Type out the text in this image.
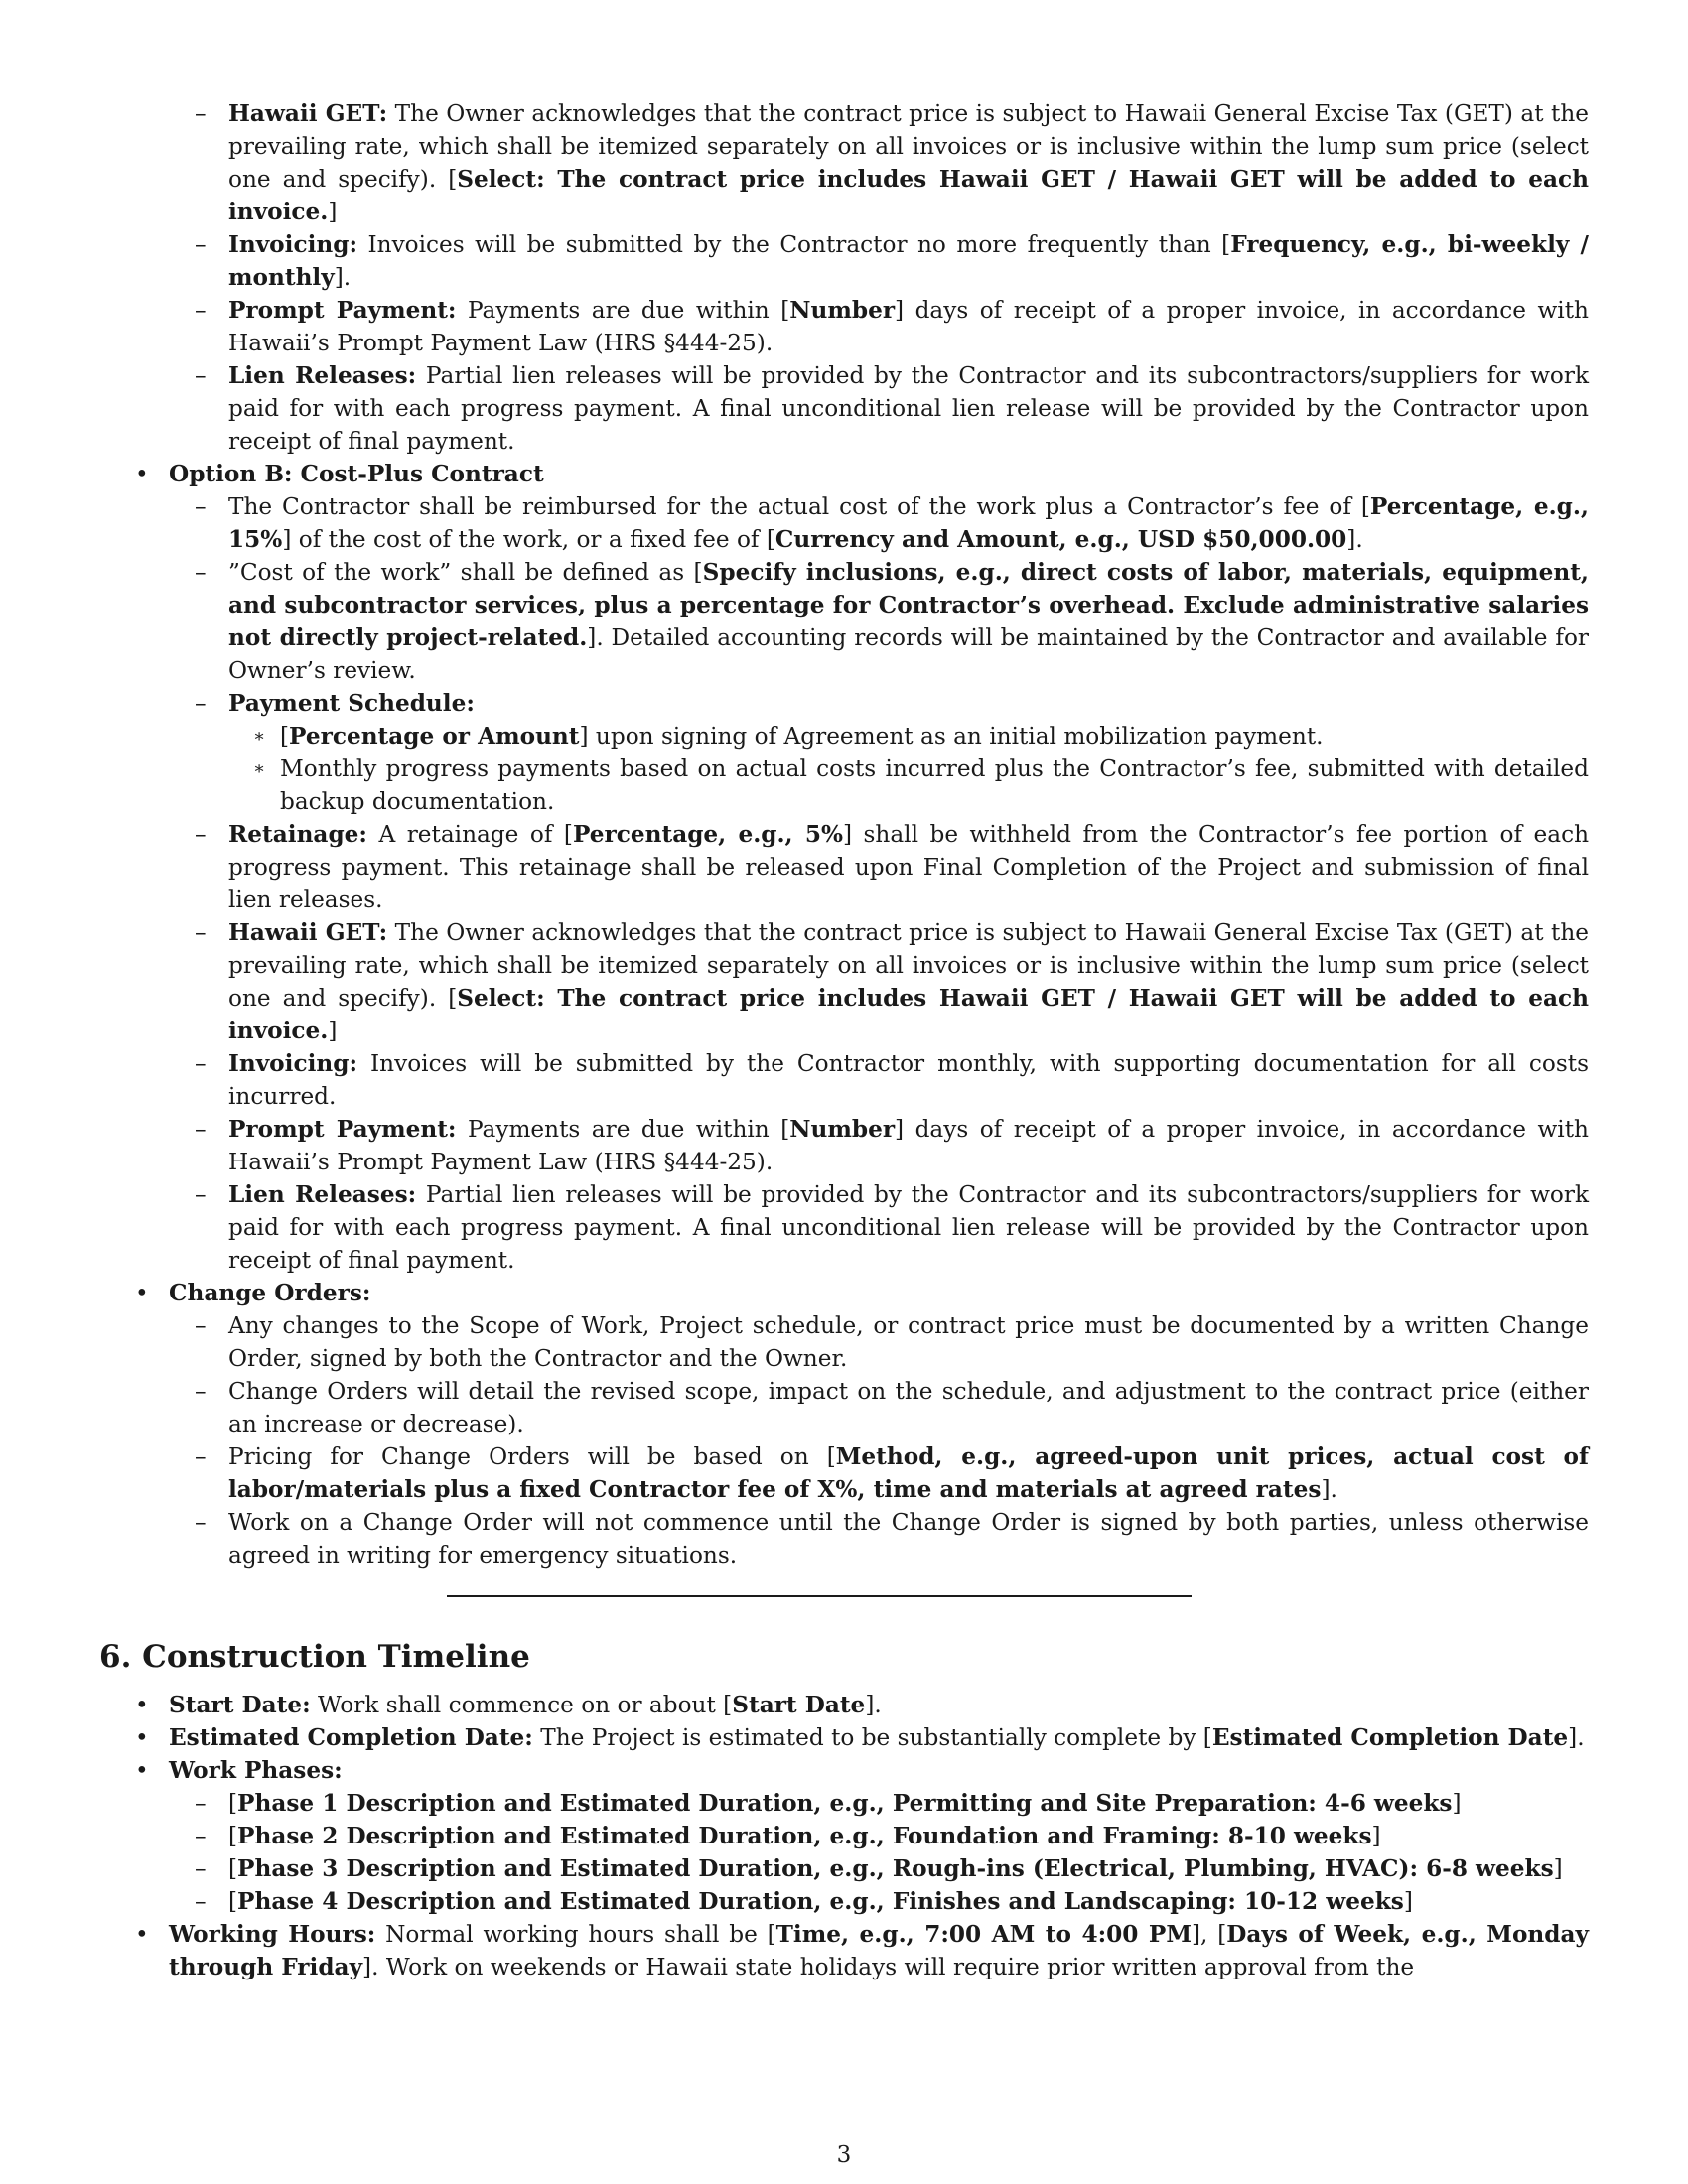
– Hawaii GET: The Owner acknowledges that the contract price is subject to Hawaii General Excise Tax (GET) at the prevailing rate, which shall be itemized separately on all invoices or is inclusive within the lump sum price (select one and specify). [Select: The contract price includes Hawaii GET / Hawaii GET will be added to each invoice.]
– Invoicing: Invoices will be submitted by the Contractor no more frequently than [Frequency, e.g., bi-weekly / monthly].
– Prompt Payment: Payments are due within [Number] days of receipt of a proper invoice, in accordance with Hawaii’s Prompt Payment Law (HRS §444-25).
– Lien Releases: Partial lien releases will be provided by the Contractor and its subcontractors/suppliers for work paid for with each progress payment. A final unconditional lien release will be provided by the Contractor upon receipt of final payment.
• Option B: Cost-Plus Contract
– The Contractor shall be reimbursed for the actual cost of the work plus a Contractor’s fee of [Percentage, e.g., 15%] of the cost of the work, or a fixed fee of [Currency and Amount, e.g., USD $50,000.00].
– ”Cost of the work” shall be defined as [Specify inclusions, e.g., direct costs of labor, materials, equipment, and subcontractor services, plus a percentage for Contractor’s overhead. Exclude administrative salaries not directly project-related.]. Detailed accounting records will be maintained by the Contractor and available for Owner’s review.
– Payment Schedule:
∗ [Percentage or Amount] upon signing of Agreement as an initial mobilization payment.
∗ Monthly progress payments based on actual costs incurred plus the Contractor’s fee, submitted with detailed backup documentation.
– Retainage: A retainage of [Percentage, e.g., 5%] shall be withheld from the Contractor’s fee portion of each progress payment. This retainage shall be released upon Final Completion of the Project and submission of final lien releases.
– Hawaii GET: The Owner acknowledges that the contract price is subject to Hawaii General Excise Tax (GET) at the prevailing rate, which shall be itemized separately on all invoices or is inclusive within the lump sum price (select one and specify). [Select: The contract price includes Hawaii GET / Hawaii GET will be added to each invoice.]
– Invoicing: Invoices will be submitted by the Contractor monthly, with supporting documentation for all costs incurred.
– Prompt Payment: Payments are due within [Number] days of receipt of a proper invoice, in accordance with Hawaii’s Prompt Payment Law (HRS §444-25).
– Lien Releases: Partial lien releases will be provided by the Contractor and its subcontractors/suppliers for work paid for with each progress payment. A final unconditional lien release will be provided by the Contractor upon receipt of final payment.
• Change Orders:
– Any changes to the Scope of Work, Project schedule, or contract price must be documented by a written Change Order, signed by both the Contractor and the Owner.
– Change Orders will detail the revised scope, impact on the schedule, and adjustment to the contract price (either an increase or decrease).
– Pricing for Change Orders will be based on [Method, e.g., agreed-upon unit prices, actual cost of labor/materials plus a fixed Contractor fee of X%, time and materials at agreed rates].
– Work on a Change Order will not commence until the Change Order is signed by both parties, unless otherwise agreed in writing for emergency situations.
6. Construction Timeline
• Start Date: Work shall commence on or about [Start Date].
• Estimated Completion Date: The Project is estimated to be substantially complete by [Estimated Completion Date].
• Work Phases:
– [Phase 1 Description and Estimated Duration, e.g., Permitting and Site Preparation: 4-6 weeks]
– [Phase 2 Description and Estimated Duration, e.g., Foundation and Framing: 8-10 weeks]
– [Phase 3 Description and Estimated Duration, e.g., Rough-ins (Electrical, Plumbing, HVAC): 6-8 weeks]
– [Phase 4 Description and Estimated Duration, e.g., Finishes and Landscaping: 10-12 weeks]
• Working Hours: Normal working hours shall be [Time, e.g., 7:00 AM to 4:00 PM], [Days of Week, e.g., Monday through Friday]. Work on weekends or Hawaii state holidays will require prior written approval from the
3
